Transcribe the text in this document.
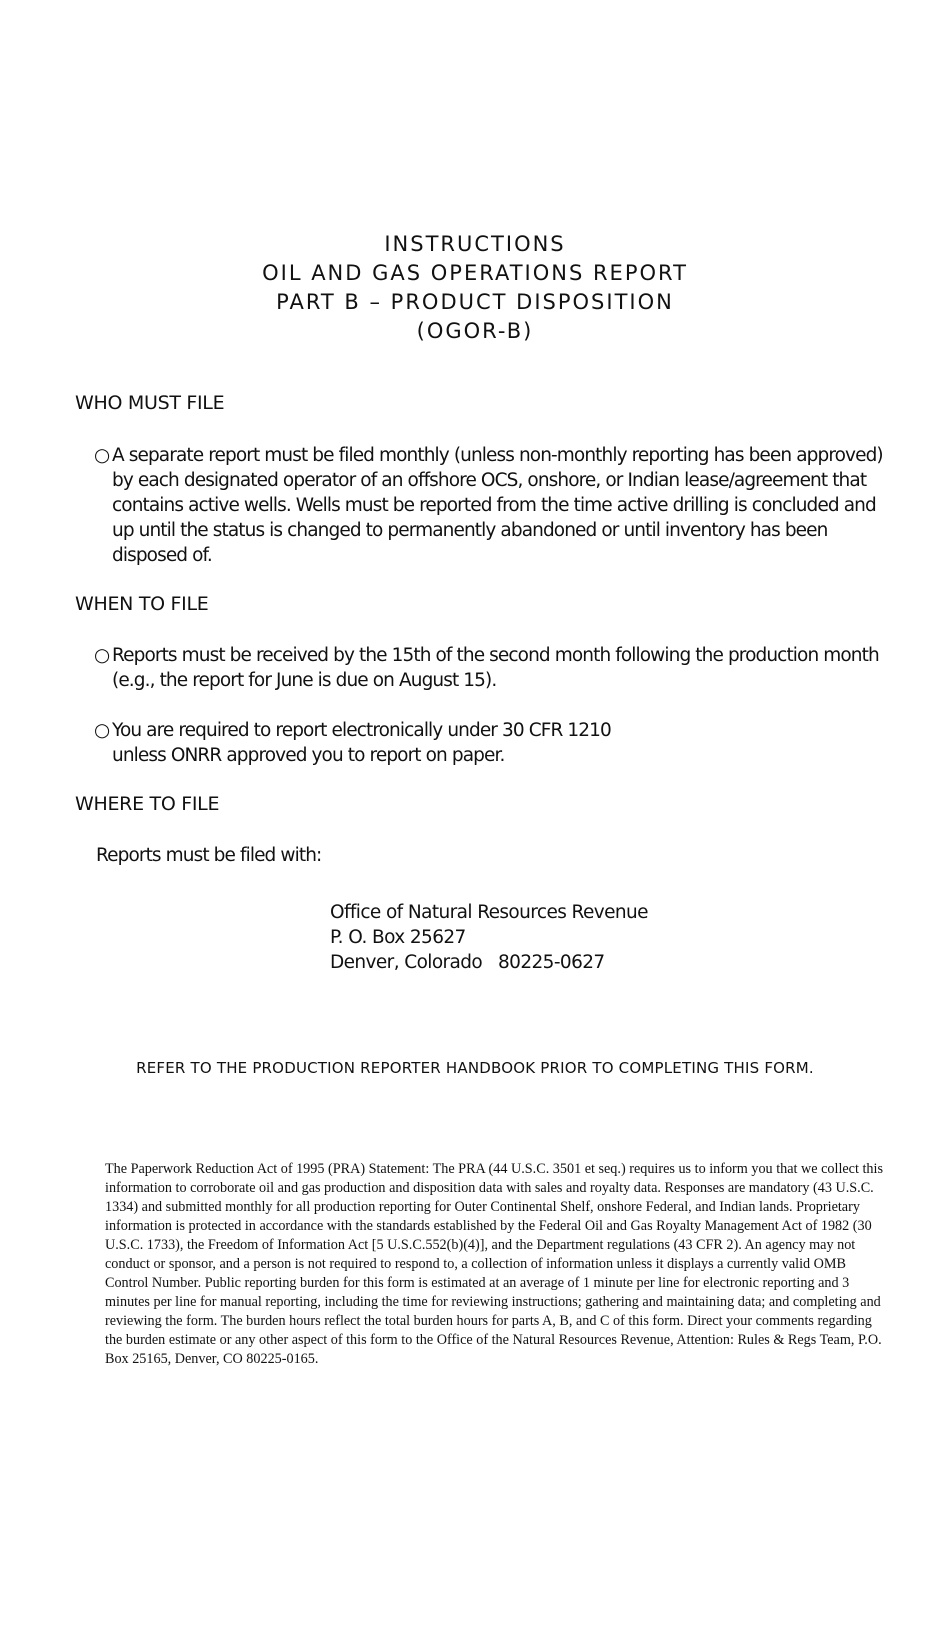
INSTRUCTIONS
OIL AND GAS OPERATIONS REPORT
PART B – PRODUCT DISPOSITION
(OGOR-B)
WHO MUST FILE
○ A separate report must be filed monthly (unless non-monthly reporting has been approved) by each designated operator of an offshore OCS, onshore, or Indian lease/agreement that contains active wells. Wells must be reported from the time active drilling is concluded and up until the status is changed to permanently abandoned or until inventory has been disposed of.
WHEN TO FILE
○ Reports must be received by the 15th of the second month following the production month (e.g., the report for June is due on August 15).
○ You are required to report electronically under 30 CFR 1210 unless ONRR approved you to report on paper.
WHERE TO FILE
Reports must be filed with:
Office of Natural Resources Revenue
P. O. Box 25627
Denver, Colorado   80225-0627
REFER TO THE PRODUCTION REPORTER HANDBOOK PRIOR TO COMPLETING THIS FORM.
The Paperwork Reduction Act of 1995 (PRA) Statement: The PRA (44 U.S.C. 3501 et seq.) requires us to inform you that we collect this information to corroborate oil and gas production and disposition data with sales and royalty data. Responses are mandatory (43 U.S.C. 1334) and submitted monthly for all production reporting for Outer Continental Shelf, onshore Federal, and Indian lands. Proprietary information is protected in accordance with the standards established by the Federal Oil and Gas Royalty Management Act of 1982 (30 U.S.C. 1733), the Freedom of Information Act [5 U.S.C.552(b)(4)], and the Department regulations (43 CFR 2). An agency may not conduct or sponsor, and a person is not required to respond to, a collection of information unless it displays a currently valid OMB Control Number. Public reporting burden for this form is estimated at an average of 1 minute per line for electronic reporting and 3 minutes per line for manual reporting, including the time for reviewing instructions; gathering and maintaining data; and completing and reviewing the form. The burden hours reflect the total burden hours for parts A, B, and C of this form. Direct your comments regarding the burden estimate or any other aspect of this form to the Office of the Natural Resources Revenue, Attention: Rules & Regs Team, P.O. Box 25165, Denver, CO 80225-0165.
